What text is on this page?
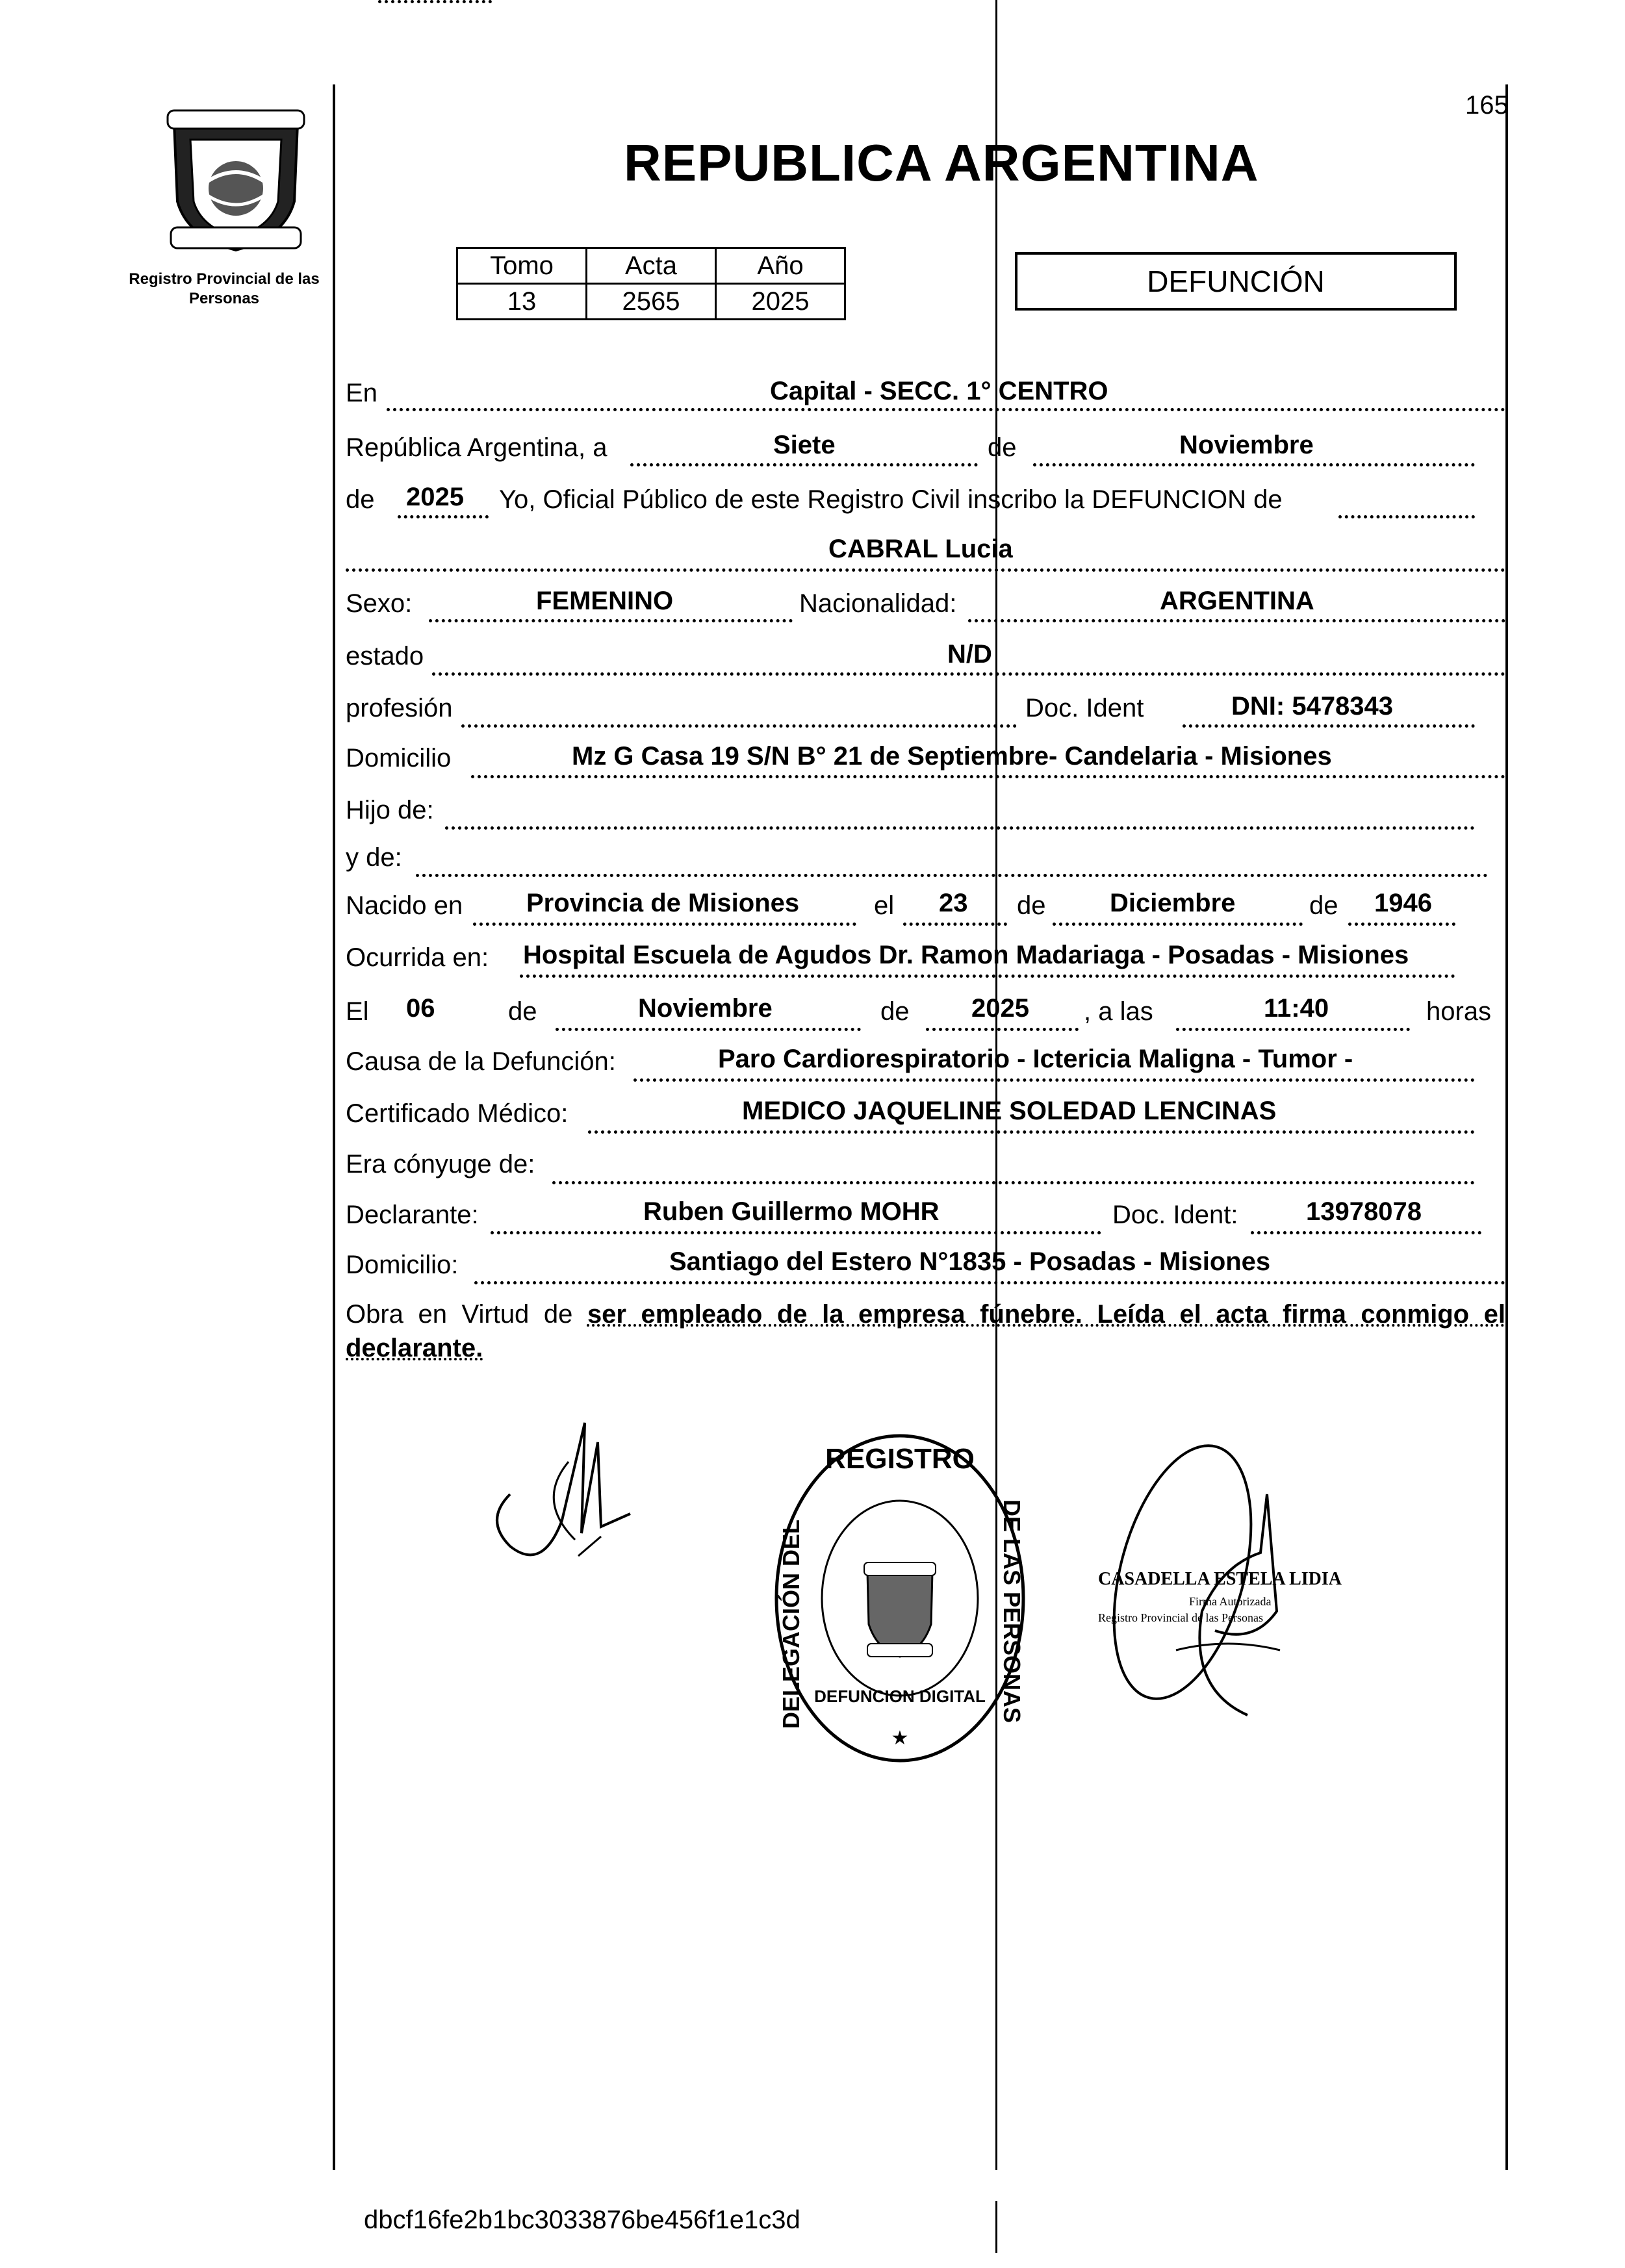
Registro Provincial de las Personas
165
REPUBLICA ARGENTINA
Tomo	Acta	Año
13	2565	2025
DEFUNCIÓN
En	Capital - SECC. 1° CENTRO
República Argentina, a	Siete	de	Noviembre
de 2025 Yo, Oficial Público de este Registro Civil inscribo la DEFUNCION de
CABRAL Lucia
Sexo:	FEMENINO	Nacionalidad:	ARGENTINA
estado	N/D
profesión	Doc. Ident	DNI: 5478343
Domicilio	Mz G Casa 19 S/N B° 21 de Septiembre- Candelaria - Misiones
Hijo de:
y de:
Nacido en Provincia de Misiones	el 23 de Diciembre	de 1946
Ocurrida en: Hospital Escuela de Agudos Dr. Ramon Madariaga - Posadas - Misiones
El 06	de	Noviembre	de 2025 , a las	11:40	horas
Causa de la Defunción:	Paro Cardiorespiratorio - Ictericia Maligna - Tumor -
Certificado Médico:	MEDICO JAQUELINE SOLEDAD LENCINAS
Era cónyuge de:
Declarante:	Ruben Guillermo MOHR	Doc. Ident:	13978078
Domicilio:	Santiago del Estero N°1835 - Posadas - Misiones
Obra en Virtud de ser empleado de la empresa fúnebre. Leída el acta firma conmigo el declarante.
REGISTRO
DELEGACIÓN DEL	DE LAS PERSONAS
DEFUNCION DIGITAL
★
CASADELLA ESTELA LIDIA
Firma Autorizada
Registro Provincial de las Personas
dbcf16fe2b1bc3033876be456f1e1c3d
